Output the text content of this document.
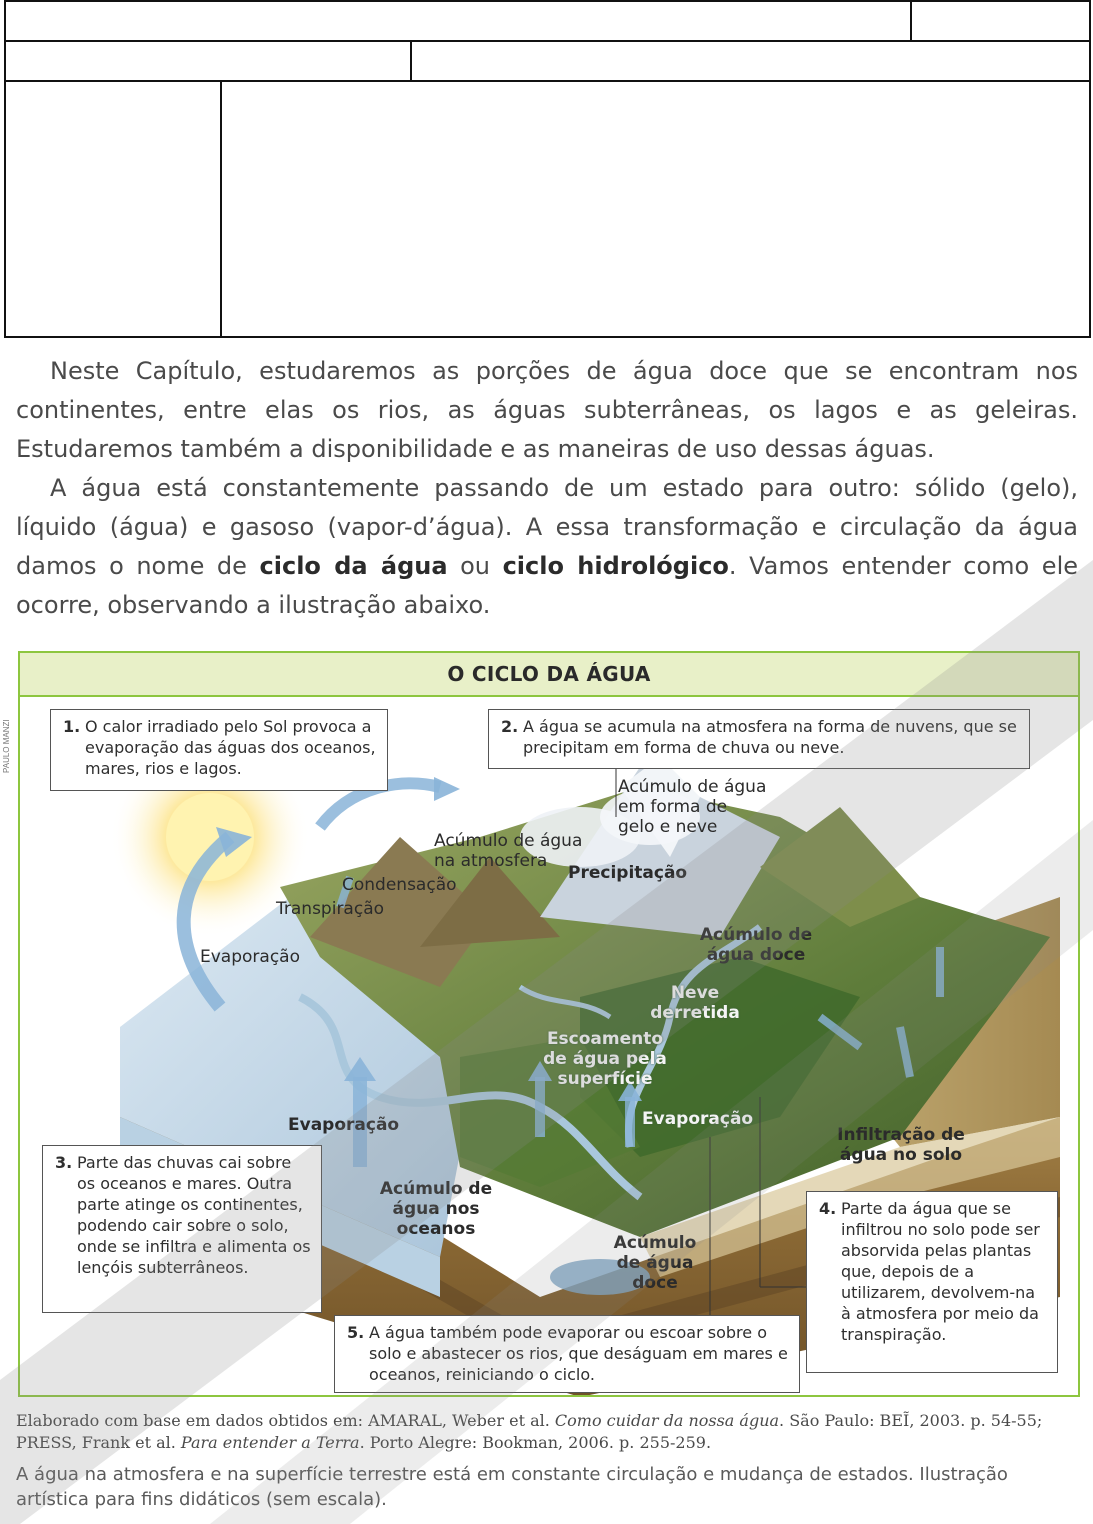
Neste Capítulo, estudaremos as porções de água doce que se encontram nos continentes, entre elas os rios, as águas subterrâneas, os lagos e as geleiras. Estudaremos também a disponibilidade e as maneiras de uso dessas águas.

A água está constantemente passando de um estado para outro: sólido (gelo), líquido (água) e gasoso (vapor-d’água). A essa transformação e circulação da água damos o nome de ciclo da água ou ciclo hidrológico. Vamos entender como ele ocorre, observando a ilustração abaixo.

PAULO MANZI
O CICLO DA ÁGUA
1. O calor irradiado pelo Sol provoca a evaporação das águas dos oceanos, mares, rios e lagos.
2. A água se acumula na atmosfera na forma de nuvens, que se precipitam em forma de chuva ou neve.
3. Parte das chuvas cai sobre os oceanos e mares. Outra parte atinge os continentes, podendo cair sobre o solo, onde se infiltra e alimenta os lençóis subterrâneos.
4. Parte da água que se infiltrou no solo pode ser absorvida pelas plantas que, depois de a utilizarem, devolvem-na à atmosfera por meio da transpiração.
5. A água também pode evaporar ou escoar sobre o solo e abastecer os rios, que deságuam em mares e oceanos, reiniciando o ciclo.
Acúmulo de água em forma de gelo e neve
Acúmulo de água na atmosfera
Precipitação
Condensação
Transpiração
Evaporação
Acúmulo de água doce
Neve derretida
Escoamento de água pela superfície
Evaporação
Evaporação	Infiltração de água no solo
Acúmulo de água nos oceanos
Acúmulo de água doce
Elaborado com base em dados obtidos em: AMARAL, Weber et al. Como cuidar da nossa água. São Paulo: BEĨ, 2003. p. 54-55; PRESS, Frank et al. Para entender a Terra. Porto Alegre: Bookman, 2006. p. 255-259.
A água na atmosfera e na superfície terrestre está em constante circulação e mudança de estados. Ilustração artística para fins didáticos (sem escala).
